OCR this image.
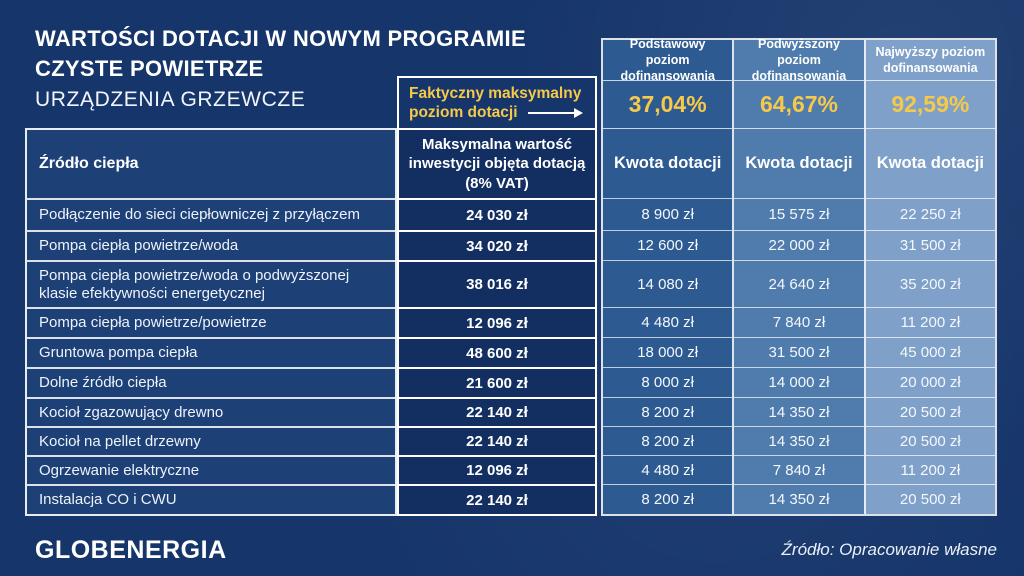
WARTOŚCI DOTACJI W NOWYM PROGRAMIE
CZYSTE POWIETRZE
URZĄDZENIA GRZEWCZE
Źródło ciepła
Podłączenie do sieci ciepłowniczej z przyłączem
Pompa ciepła powietrze/woda
Pompa ciepła powietrze/woda o podwyższonej klasie efektywności energetycznej
Pompa ciepła powietrze/powietrze
Gruntowa pompa ciepła
Dolne źródło ciepła
Kocioł zgazowujący drewno
Kocioł na pellet drzewny
Ogrzewanie elektryczne
Instalacja CO i CWU
Faktyczny maksymalny
poziom dotacji
Maksymalna wartość inwestycji objęta dotacją (8% VAT)
24 030 zł
34 020 zł
38 016 zł
12 096 zł
48 600 zł
21 600 zł
22 140 zł
22 140 zł
12 096 zł
22 140 zł
Podstawowy poziom dofinansowania
37,04%
Kwota dotacji
8 900 zł
12 600 zł
14 080 zł
4 480 zł
18 000 zł
8 000 zł
8 200 zł
8 200 zł
4 480 zł
8 200 zł
Podwyższony poziom dofinansowania
64,67%
Kwota dotacji
15 575 zł
22 000 zł
24 640 zł
7 840 zł
31 500 zł
14 000 zł
14 350 zł
14 350 zł
7 840 zł
14 350 zł
Najwyższy poziom dofinansowania
92,59%
Kwota dotacji
22 250 zł
31 500 zł
35 200 zł
11 200 zł
45 000 zł
20 000 zł
20 500 zł
20 500 zł
11 200 zł
20 500 zł
GLOBENERGIA	Źródło: Opracowanie własne
